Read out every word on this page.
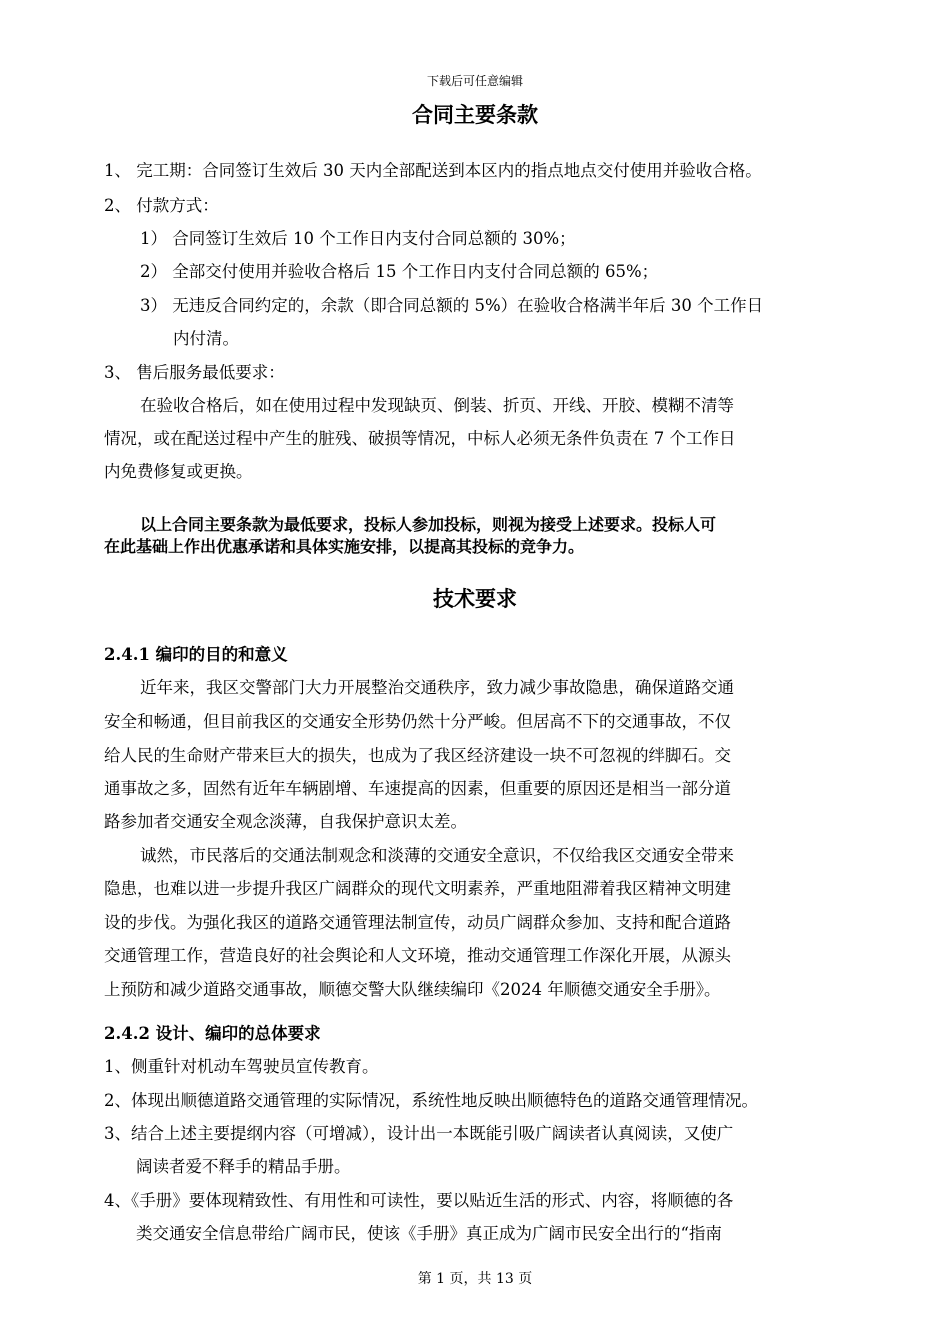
下载后可任意编辑
合同主要条款
1、 完工期：合同签订生效后 30 天内全部配送到本区内的指点地点交付使用并验收合格。
2、 付款方式：
1） 合同签订生效后 10 个工作日内支付合同总额的 30%；
2） 全部交付使用并验收合格后 15 个工作日内支付合同总额的 65%；
3） 无违反合同约定的，余款（即合同总额的 5%）在验收合格满半年后 30 个工作日
内付清。
3、 售后服务最低要求：
在验收合格后，如在使用过程中发现缺页、倒装、折页、开线、开胶、模糊不清等
情况，或在配送过程中产生的脏残、破损等情况，中标人必须无条件负责在 7 个工作日
内免费修复或更换。
以上合同主要条款为最低要求，投标人参加投标，则视为接受上述要求。投标人可
在此基础上作出优惠承诺和具体实施安排，以提高其投标的竞争力。
技术要求
2.4.1 编印的目的和意义
近年来，我区交警部门大力开展整治交通秩序，致力减少事故隐患，确保道路交通
安全和畅通，但目前我区的交通安全形势仍然十分严峻。但居高不下的交通事故，不仅
给人民的生命财产带来巨大的损失，也成为了我区经济建设一块不可忽视的绊脚石。交
通事故之多，固然有近年车辆剧增、车速提高的因素，但重要的原因还是相当一部分道
路参加者交通安全观念淡薄，自我保护意识太差。
诚然，市民落后的交通法制观念和淡薄的交通安全意识，不仅给我区交通安全带来
隐患，也难以进一步提升我区广阔群众的现代文明素养，严重地阻滞着我区精神文明建
设的步伐。为强化我区的道路交通管理法制宣传，动员广阔群众参加、支持和配合道路
交通管理工作，营造良好的社会舆论和人文环境，推动交通管理工作深化开展，从源头
上预防和减少道路交通事故，顺德交警大队继续编印《2024 年顺德交通安全手册》。
2.4.2 设计、编印的总体要求
1、侧重针对机动车驾驶员宣传教育。
2、体现出顺德道路交通管理的实际情况，系统性地反映出顺德特色的道路交通管理情况。
3、结合上述主要提纲内容（可增减），设计出一本既能引吸广阔读者认真阅读，又使广
阔读者爱不释手的精品手册。
4、《手册》要体现精致性、有用性和可读性，要以贴近生活的形式、内容，将顺德的各
类交通安全信息带给广阔市民，使该《手册》真正成为广阔市民安全出行的“指南
第 1 页，共 13 页
